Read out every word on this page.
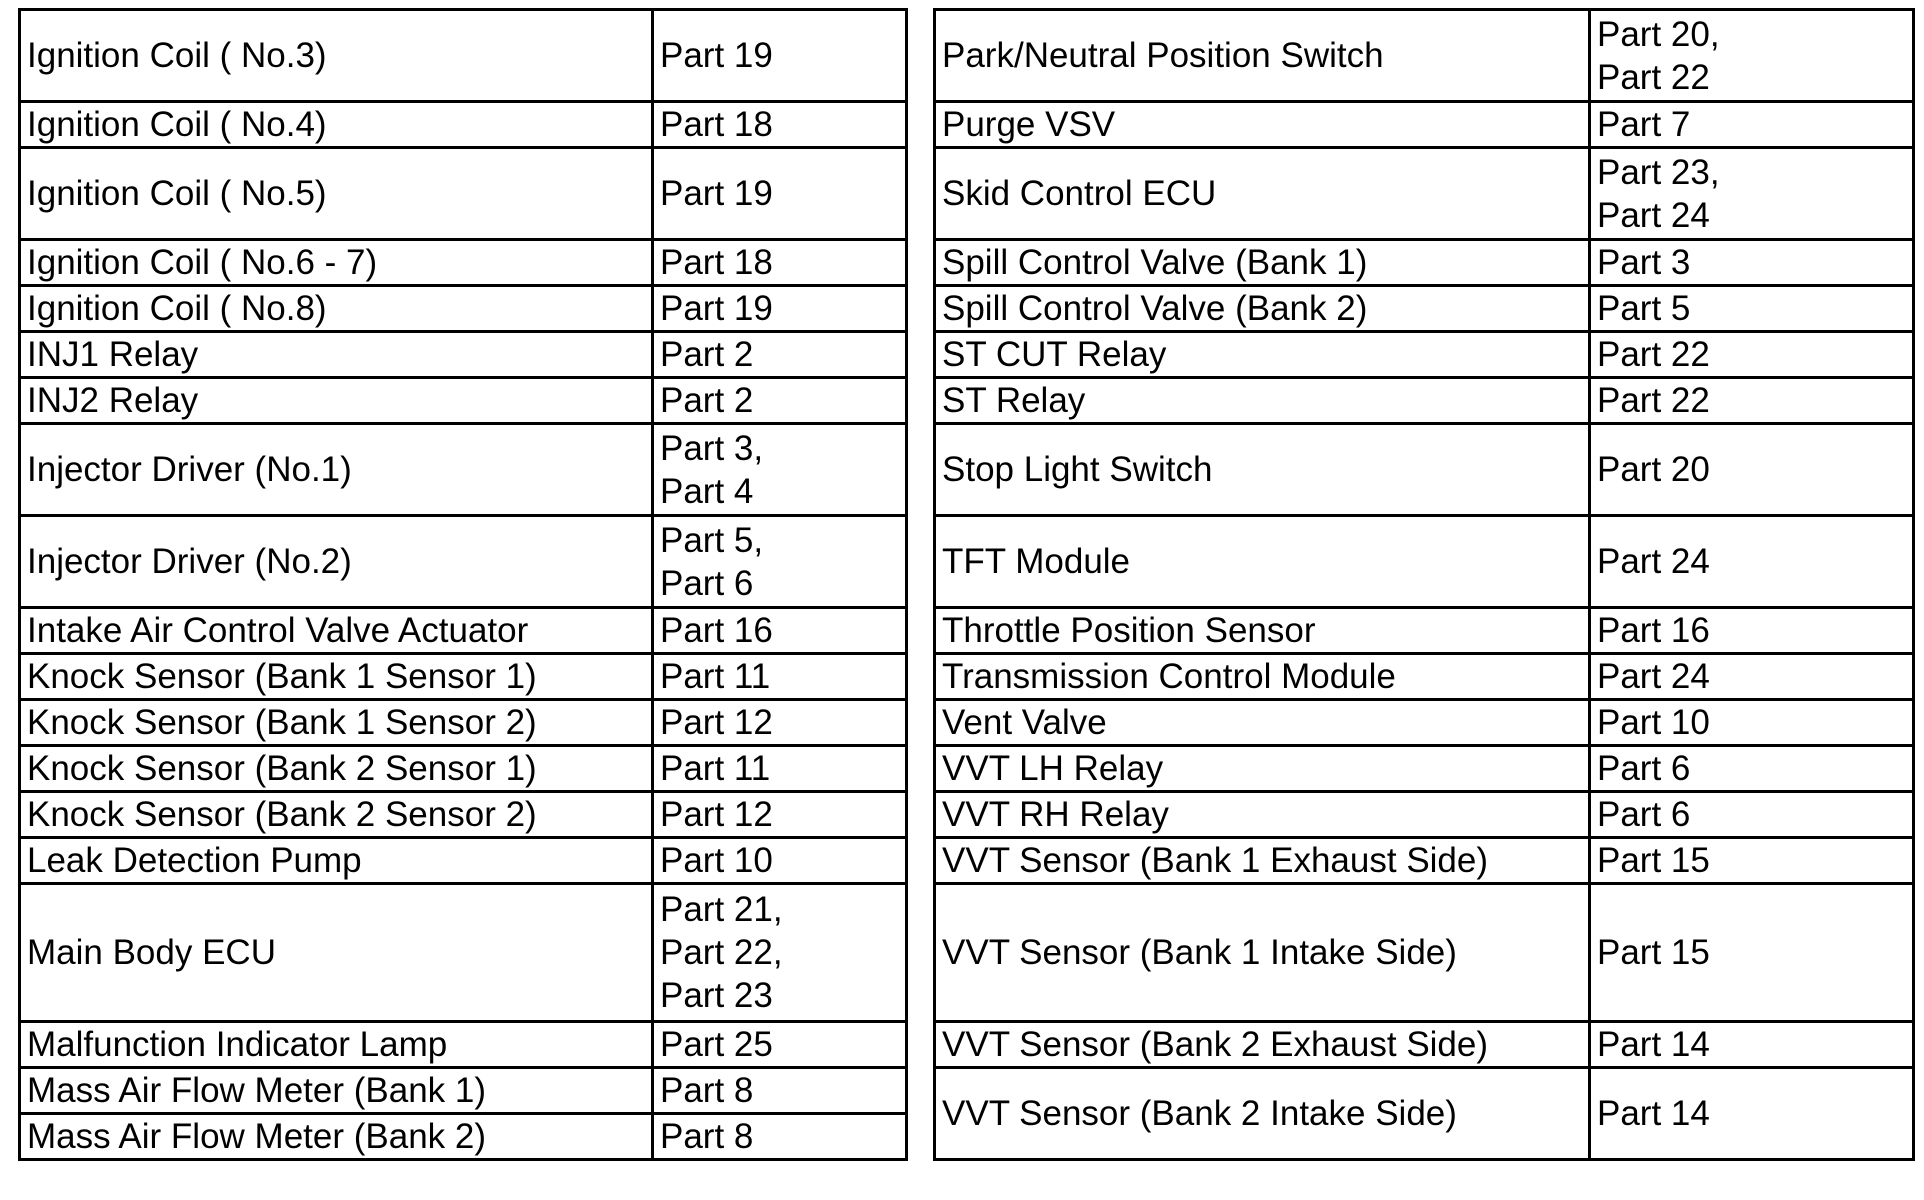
Ignition Coil ( No.3)	Part 19
Ignition Coil ( No.4)	Part 18
Ignition Coil ( No.5)	Part 19
Ignition Coil ( No.6 - 7)	Part 18
Ignition Coil ( No.8)	Part 19
INJ1 Relay	Part 2
INJ2 Relay	Part 2
Injector Driver (No.1)	Part 3,
Part 4
Injector Driver (No.2)	Part 5,
Part 6
Intake Air Control Valve Actuator	Part 16
Knock Sensor (Bank 1 Sensor 1)	Part 11
Knock Sensor (Bank 1 Sensor 2)	Part 12
Knock Sensor (Bank 2 Sensor 1)	Part 11
Knock Sensor (Bank 2 Sensor 2)	Part 12
Leak Detection Pump	Part 10
Main Body ECU	Part 21,
Part 22,
Part 23
Malfunction Indicator Lamp	Part 25
Mass Air Flow Meter (Bank 1)	Part 8
Mass Air Flow Meter (Bank 2)	Part 8
Park/Neutral Position Switch	Part 20,
Part 22
Purge VSV	Part 7
Skid Control ECU	Part 23,
Part 24
Spill Control Valve (Bank 1)	Part 3
Spill Control Valve (Bank 2)	Part 5
ST CUT Relay	Part 22
ST Relay	Part 22
Stop Light Switch	Part 20
TFT Module	Part 24
Throttle Position Sensor	Part 16
Transmission Control Module	Part 24
Vent Valve	Part 10
VVT LH Relay	Part 6
VVT RH Relay	Part 6
VVT Sensor (Bank 1 Exhaust Side)	Part 15
VVT Sensor (Bank 1 Intake Side)	Part 15
VVT Sensor (Bank 2 Exhaust Side)	Part 14
VVT Sensor (Bank 2 Intake Side)	Part 14
